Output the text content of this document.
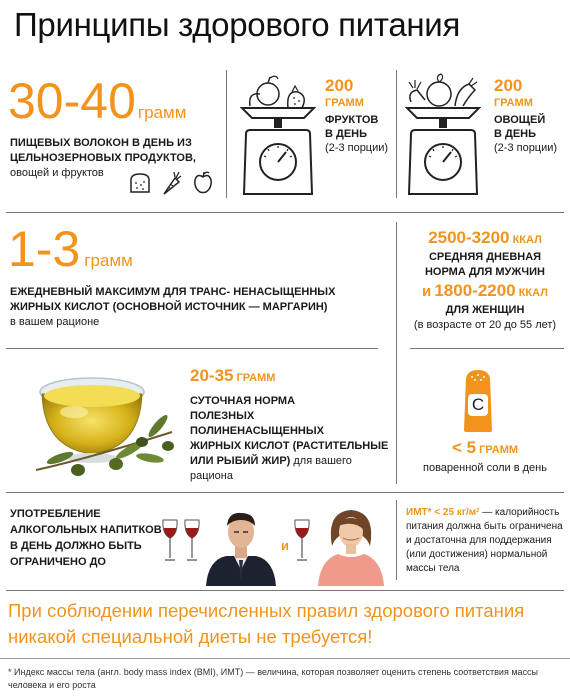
Принципы здорового питания
30-40 грамм
ПИЩЕВЫХ ВОЛОКОН В ДЕНЬ ИЗ ЦЕЛЬНОЗЕРНОВЫХ ПРОДУКТОВ, овощей и фруктов
200
ГРАММ
ФРУКТОВ
В ДЕНЬ
(2-3 порции)
200
ГРАММ
ОВОЩЕЙ
В ДЕНЬ
(2-3 порции)
1-3 грамм
ЕЖЕДНЕВНЫЙ МАКСИМУМ ДЛЯ ТРАНС- НЕНАСЫЩЕННЫХ ЖИРНЫХ КИСЛОТ (ОСНОВНОЙ ИСТОЧНИК — МАРГАРИН)
в вашем рационе
2500-3200 ККАЛ
СРЕДНЯЯ ДНЕВНАЯ
НОРМА ДЛЯ МУЖЧИН
и 1800-2200 ККАЛ
ДЛЯ ЖЕНЩИН
(в возрасте от 20 до 55 лет)
20-35 ГРАММ
СУТОЧНАЯ НОРМА
ПОЛЕЗНЫХ ПОЛИНЕНАСЫЩЕННЫХ
ЖИРНЫХ КИСЛОТ (РАСТИТЕЛЬНЫЕ
ИЛИ РЫБИЙ ЖИР) для вашего
рациона
С
< 5 ГРАММ
поваренной соли в день
УПОТРЕБЛЕНИЕ
АЛКОГОЛЬНЫХ НАПИТКОВ
В ДЕНЬ ДОЛЖНО БЫТЬ
ОГРАНИЧЕНО ДО
и
ИМТ* < 25 кг/м² — калорийность
питания должна быть ограничена
и достаточна для поддержания
(или достижения) нормальной
массы тела
При соблюдении перечисленных правил здорового питания
никакой специальной диеты не требуется!
* Индекс массы тела (англ. body mass index (BMI), ИМТ) — величина, которая позволяет оценить степень соответствия массы
человека и его роста
